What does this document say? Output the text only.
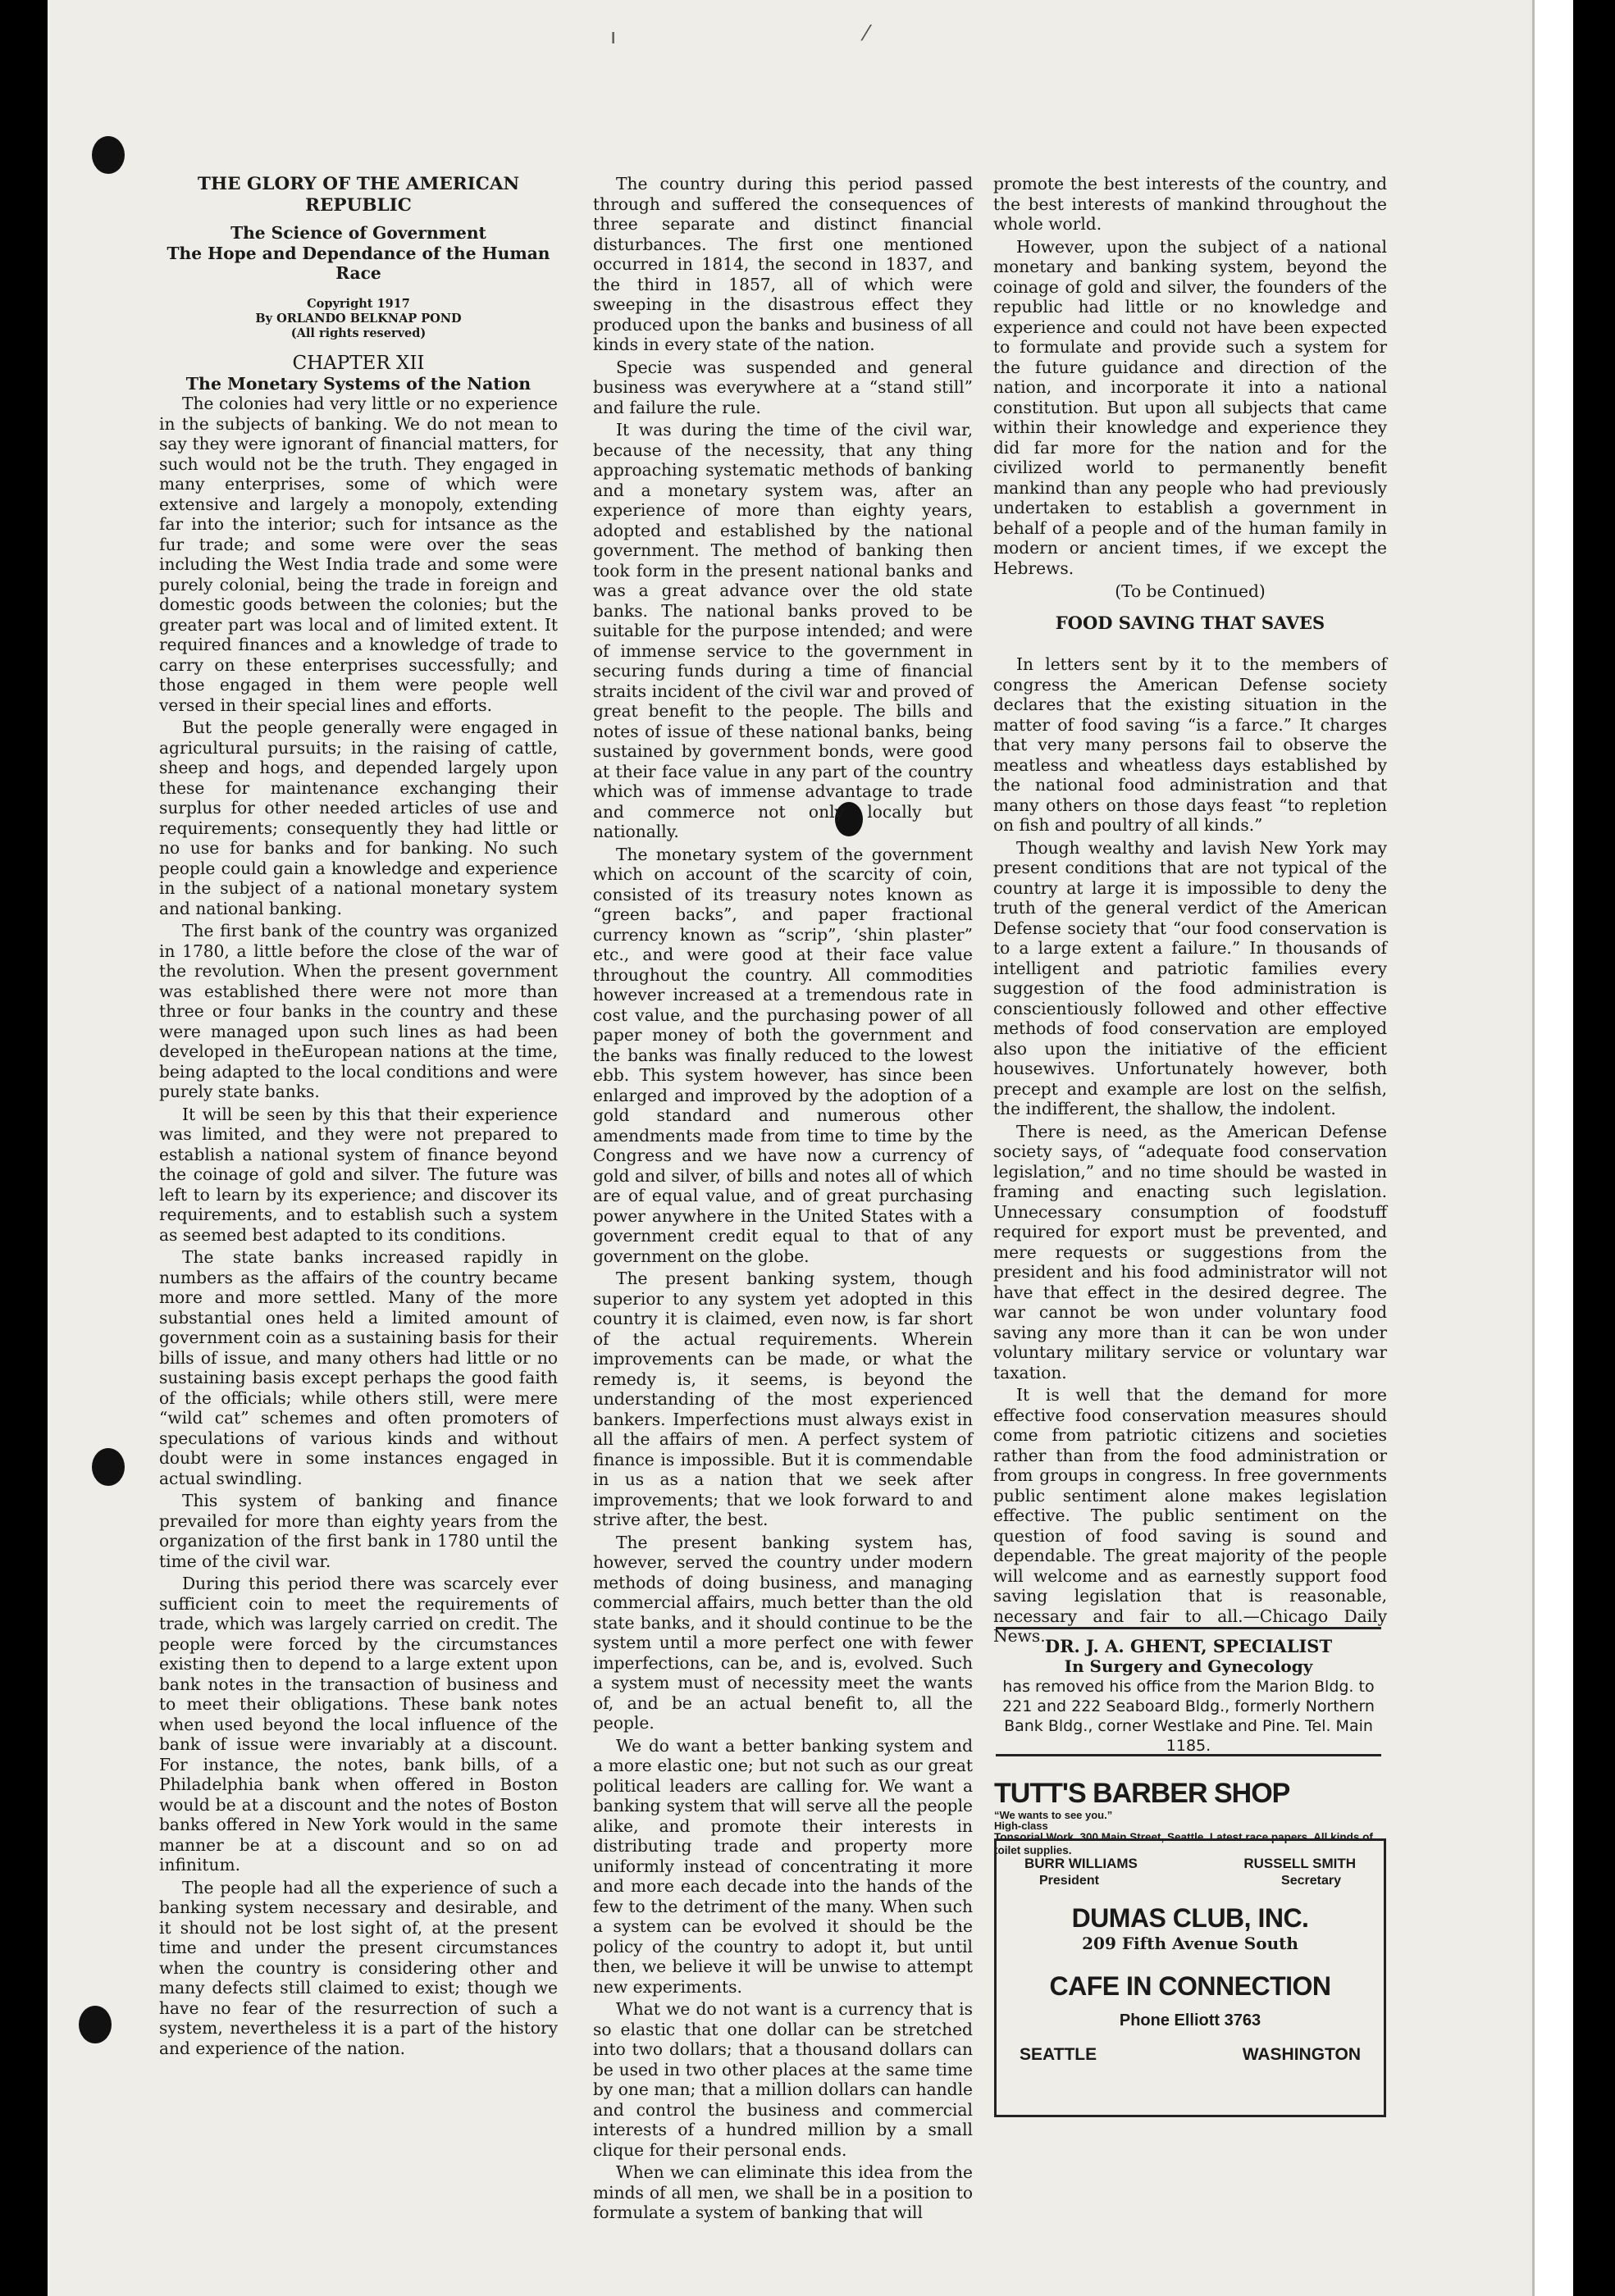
ı	⁄
THE GLORY OF THE AMERICAN REPUBLIC
The Science of Government
The Hope and Dependance of the Human Race
Copyright 1917
By ORLANDO BELKNAP POND
(All rights reserved)
CHAPTER XII
The Monetary Systems of the Nation

The colonies had very little or no experience in the subjects of banking. We do not mean to say they were ignorant of financial matters, for such would not be the truth. They engaged in many enterprises, some of which were extensive and largely a monopoly, extending far into the interior; such for intsance as the fur trade; and some were over the seas including the West India trade and some were purely colonial, being the trade in foreign and domestic goods between the colonies; but the greater part was local and of limited extent. It required finances and a knowledge of trade to carry on these enterprises successfully; and those engaged in them were people well versed in their special lines and efforts.

But the people generally were engaged in agricultural pursuits; in the raising of cattle, sheep and hogs, and depended largely upon these for maintenance exchanging their surplus for other needed articles of use and requirements; consequently they had little or no use for banks and for banking. No such people could gain a knowledge and experience in the subject of a national monetary system and national banking.

The first bank of the country was organized in 1780, a little before the close of the war of the revolution. When the present government was established there were not more than three or four banks in the country and these were managed upon such lines as had been developed in theEuropean nations at the time, being adapted to the local conditions and were purely state banks.

It will be seen by this that their experience was limited, and they were not prepared to establish a national system of finance beyond the coinage of gold and silver. The future was left to learn by its experience; and discover its requirements, and to establish such a system as seemed best adapted to its conditions.

The state banks increased rapidly in numbers as the affairs of the country became more and more settled. Many of the more substantial ones held a limited amount of government coin as a sustaining basis for their bills of issue, and many others had little or no sustaining basis except perhaps the good faith of the officials; while others still, were mere “wild cat” schemes and often promoters of speculations of various kinds and without doubt were in some instances engaged in actual swindling.

This system of banking and finance prevailed for more than eighty years from the organization of the first bank in 1780 until the time of the civil war.

During this period there was scarcely ever sufficient coin to meet the requirements of trade, which was largely carried on credit. The people were forced by the circumstances existing then to depend to a large extent upon bank notes in the transaction of business and to meet their obligations. These bank notes when used beyond the local influence of the bank of issue were invariably at a discount. For instance, the notes, bank bills, of a Philadelphia bank when offered in Boston would be at a discount and the notes of Boston banks offered in New York would in the same manner be at a discount and so on ad infinitum.

The people had all the experience of such a banking system necessary and desirable, and it should not be lost sight of, at the present time and under the present circumstances when the country is considering other and many defects still claimed to exist; though we have no fear of the resurrection of such a system, nevertheless it is a part of the history and experience of the nation.

The country during this period passed through and suffered the consequences of three separate and distinct financial disturbances. The first one mentioned occurred in 1814, the second in 1837, and the third in 1857, all of which were sweeping in the disastrous effect they produced upon the banks and business of all kinds in every state of the nation.

Specie was suspended and general business was everywhere at a “stand still” and failure the rule.

It was during the time of the civil war, because of the necessity, that any thing approaching systematic methods of banking and a monetary system was, after an experience of more than eighty years, adopted and established by the national government. The method of banking then took form in the present national banks and was a great advance over the old state banks. The national banks proved to be suitable for the purpose intended; and were of immense service to the government in securing funds during a time of financial straits incident of the civil war and proved of great benefit to the people. The bills and notes of issue of these national banks, being sustained by government bonds, were good at their face value in any part of the country which was of immense advantage to trade and commerce not only locally but nationally.

The monetary system of the government which on account of the scarcity of coin, consisted of its treasury notes known as “green backs”, and paper fractional currency known as “scrip”, ‘shin plaster” etc., and were good at their face value throughout the country. All commodities however increased at a tremendous rate in cost value, and the purchasing power of all paper money of both the government and the banks was finally reduced to the lowest ebb. This system however, has since been enlarged and improved by the adoption of a gold standard and numerous other amendments made from time to time by the Congress and we have now a currency of gold and silver, of bills and notes all of which are of equal value, and of great purchasing power anywhere in the United States with a government credit equal to that of any government on the globe.

The present banking system, though superior to any system yet adopted in this country it is claimed, even now, is far short of the actual requirements. Wherein improvements can be made, or what the remedy is, it seems, is beyond the understanding of the most experienced bankers. Imperfections must always exist in all the affairs of men. A perfect system of finance is impossible. But it is commendable in us as a nation that we seek after improvements; that we look forward to and strive after, the best.

The present banking system has, however, served the country under modern methods of doing business, and managing commercial affairs, much better than the old state banks, and it should continue to be the system until a more perfect one with fewer imperfections, can be, and is, evolved. Such a system must of necessity meet the wants of, and be an actual benefit to, all the people.

We do want a better banking system and a more elastic one; but not such as our great political leaders are calling for. We want a banking system that will serve all the people alike, and promote their interests in distributing trade and property more uniformly instead of concentrating it more and more each decade into the hands of the few to the detriment of the many. When such a system can be evolved it should be the policy of the country to adopt it, but until then, we believe it will be unwise to attempt new experiments.

What we do not want is a currency that is so elastic that one dollar can be stretched into two dollars; that a thousand dollars can be used in two other places at the same time by one man; that a million dollars can handle and control the business and commercial interests of a hundred million by a small clique for their personal ends.

When we can eliminate this idea from the minds of all men, we shall be in a position to formulate a system of banking that will

promote the best interests of the country, and the best interests of mankind throughout the whole world.

However, upon the subject of a national monetary and banking system, beyond the coinage of gold and silver, the founders of the republic had little or no knowledge and experience and could not have been expected to formulate and provide such a system for the future guidance and direction of the nation, and incorporate it into a national constitution. But upon all subjects that came within their knowledge and experience they did far more for the nation and for the civilized world to permanently benefit mankind than any people who had previously undertaken to establish a government in behalf of a people and of the human family in modern or ancient times, if we except the Hebrews.

(To be Continued)
FOOD SAVING THAT SAVES

In letters sent by it to the members of congress the American Defense society declares that the existing situation in the matter of food saving “is a farce.” It charges that very many persons fail to observe the meatless and wheatless days established by the national food administration and that many others on those days feast “to repletion on fish and poultry of all kinds.”

Though wealthy and lavish New York may present conditions that are not typical of the country at large it is impossible to deny the truth of the general verdict of the American Defense society that “our food conservation is to a large extent a failure.” In thousands of intelligent and patriotic families every suggestion of the food administration is conscientiously followed and other effective methods of food conservation are employed also upon the initiative of the efficient housewives. Unfortunately however, both precept and example are lost on the selfish, the indifferent, the shallow, the indolent.

There is need, as the American Defense society says, of “adequate food conservation legislation,” and no time should be wasted in framing and enacting such legislation. Unnecessary consumption of foodstuff required for export must be prevented, and mere requests or suggestions from the president and his food administrator will not have that effect in the desired degree. The war cannot be won under voluntary food saving any more than it can be won under voluntary military service or voluntary war taxation.

It is well that the demand for more effective food conservation measures should come from patriotic citizens and societies rather than from the food administration or from groups in congress. In free governments public sentiment alone makes legislation effective. The public sentiment on the question of food saving is sound and dependable. The great majority of the people will welcome and as earnestly support food saving legislation that is reasonable, necessary and fair to all.—Chicago Daily News. DR. J. A. GHENT, SPECIALIST
In Surgery and Gynecology
has removed his office from the Marion Bldg. to 221 and 222 Seaboard Bldg., formerly Northern Bank Bldg., corner Westlake and Pine. Tel. Main 1185.
TUTT'S BARBER SHOP “We wants to see you.” High-class
Tonsorial Work. 300 Main Street, Seattle. Latest race papers. All kinds of toilet supplies.
BURR WILLIAMS	RUSSELL SMITH
President	Secretary
DUMAS CLUB, INC.
209 Fifth Avenue South
CAFE IN CONNECTION
Phone Elliott 3763
SEATTLE	WASHINGTON
